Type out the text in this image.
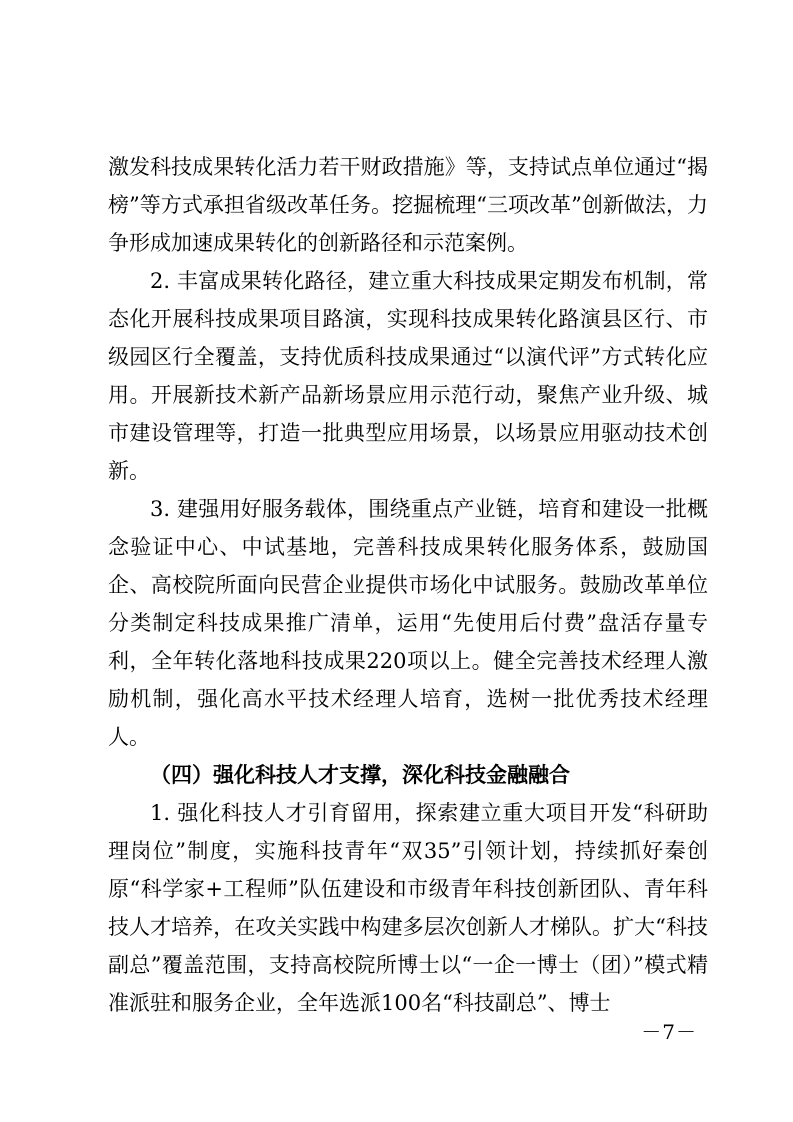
激发科技成果转化活力若干财政措施》等，支持试点单位通过“揭榜”等方式承担省级改革任务。挖掘梳理“三项改革”创新做法，力争形成加速成果转化的创新路径和示范案例。

2. 丰富成果转化路径，建立重大科技成果定期发布机制，常态化开展科技成果项目路演，实现科技成果转化路演县区行、市级园区行全覆盖，支持优质科技成果通过“以演代评”方式转化应用。开展新技术新产品新场景应用示范行动，聚焦产业升级、城市建设管理等，打造一批典型应用场景，以场景应用驱动技术创新。

3. 建强用好服务载体，围绕重点产业链，培育和建设一批概念验证中心、中试基地，完善科技成果转化服务体系，鼓励国企、高校院所面向民营企业提供市场化中试服务。鼓励改革单位分类制定科技成果推广清单，运用“先使用后付费”盘活存量专利，全年转化落地科技成果220项以上。健全完善技术经理人激励机制，强化高水平技术经理人培育，选树一批优秀技术经理人。

（四）强化科技人才支撑，深化科技金融融合

1. 强化科技人才引育留用，探索建立重大项目开发“科研助理岗位”制度，实施科技青年“双35”引领计划，持续抓好秦创原“科学家+工程师”队伍建设和市级青年科技创新团队、青年科技人才培养，在攻关实践中构建多层次创新人才梯队。扩大“科技副总”覆盖范围，支持高校院所博士以“一企一博士（团）”模式精准派驻和服务企业，全年选派100名“科技副总”、博士

－7－
